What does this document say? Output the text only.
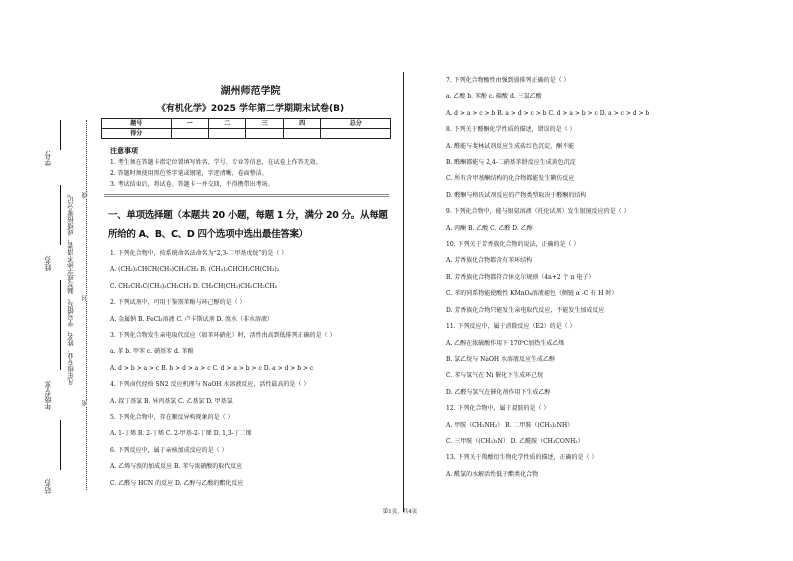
学号:
姓名:
年级专业:
站名:
凡年级专业、姓名、学号错写、漏写或字迹不清者，成绩按零分记。 线
封
密
湖州师范学院
《有机化学》2025 学年第二学期期末试卷(B)
题号	一	二	三	四	总分
得分					
注意事项
1. 考生须在答题卡指定位置填写姓名、学号、专业等信息，在试卷上作答无效。
2. 答题时须使用黑色签字笔或钢笔，字迹清晰，卷面整洁。
3. 考试结束后，将试卷、答题卡一并交回，不得携带出考场。
一、单项选择题（本题共 20 小题，每题 1 分，满分 20 分。从每题
所给的 A、B、C、D 四个选项中选出最佳答案）
1. 下列化合物中，按系统命名法命名为“2,3-二甲基戊烷”的是（ ）
A. (CH₃)₂CHCH(CH₃)CH₂CH₃ B. (CH₃)₂CHCH₂CH(CH₃)₂
C. CH₃CH₂C(CH₃)₂CH₂CH₃ D. CH₃CH(CH₃)CH₂CH₂CH₃
2. 下列试剂中，可用于鉴别苯酚与环己醇的是（ ）
A. 金属钠 B. FeCl₃溶液 C. 卢卡斯试剂 D. 溴水（非水溶液）
3. 下列化合物发生亲电取代反应（如苯环硝化）时，活性由高到低排列正确的是（ ）
a. 苯 b. 甲苯 c. 硝基苯 d. 苯酚
A. d > b > a > c B. b > d > a > c C. d > a > b > c D. a > d > b > c
4. 下列卤代烃按 SN2 反应机理与 NaOH 水溶液反应，活性最高的是（ ）
A. 叔丁基氯 B. 异丙基氯 C. 乙基氯 D. 甲基氯
5. 下列化合物中，存在顺反异构现象的是（ ）
A. 1-丁烯 B. 2-丁烯 C. 2-甲基-2-丁烯 D. 1,3-丁二烯
6. 下列反应中，属于亲核加成反应的是（ ）
A. 乙烯与溴的加成反应 B. 苯与浓硝酸的取代反应
C. 乙醛与 HCN 的反应 D. 乙醇与乙酸的酯化反应
7. 下列化合物酸性由强到弱排列正确的是（ ）
a. 乙酸 b. 苯酚 c. 碳酸 d. 三氯乙酸
A. d > a > c > b B. a > d > c > b C. d > a > b > c D. a > c > d > b
8. 下列关于醛酮化学性质的描述，错误的是（ ）
A. 醛能与斐林试剂反应生成砖红色沉淀，酮不能
B. 醛酮都能与 2,4-二硝基苯肼反应生成黄色沉淀
C. 所有含甲基酮结构的化合物都能发生碘仿反应
D. 醛酮与格氏试剂反应的产物类型取决于醛酮的结构
9. 下列化合物中，能与银氨溶液（托伦试剂）发生银镜反应的是（ ）
A. 丙酮 B. 乙酸 C. 乙醛 D. 乙醇
10. 下列关于芳香族化合物的说法，正确的是（ ）
A. 芳香族化合物都含有苯环结构
B. 芳香族化合物都符合休克尔规则（4n+2 个 π 电子）
C. 苯的同系物能使酸性 KMnO₄溶液褪色（侧链 α -C 有 H 时）
D. 芳香族化合物只能发生亲电取代反应，不能发生加成反应
11. 下列反应中，属于消除反应（E2）的是（ ）
A. 乙醇在浓硫酸作用下 170℃加热生成乙烯
B. 氯乙烷与 NaOH 水溶液反应生成乙醇
C. 苯与氢气在 Ni 催化下生成环己烷
D. 乙醛与氢气在催化剂作用下生成乙醇
12. 下列化合物中，属于叔胺的是（ ）
A. 甲胺（CH₃NH₂） B. 二甲胺（(CH₃)₂NH）
C. 三甲胺（(CH₃)₃N） D. 乙酰胺（CH₃CONH₂）
13. 下列关于羧酸衍生物化学性质的描述，正确的是（ ）
A. 酰氯的水解活性低于酯类化合物
第1页，共4页
